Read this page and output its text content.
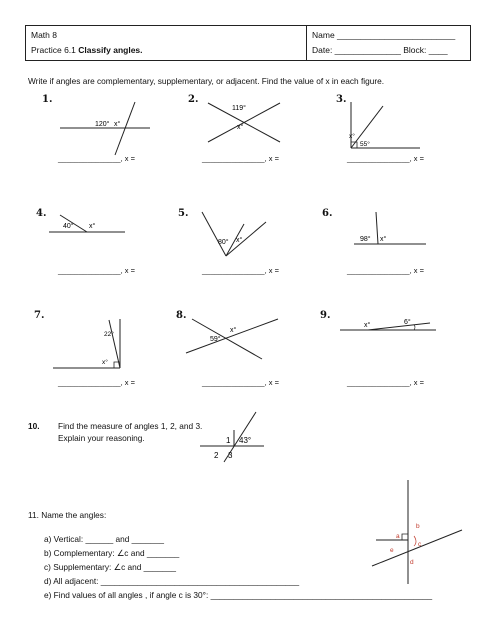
Math 8
Practice 6.1 Classify angles.
Name _________________________
Date: ______________ Block: ____
Write if angles are complementary, supplementary, or adjacent. Find the value of x in each figure.
1.	2.	3.
4.	5.	6.
7.	8.	9.
120° x°
119°
x°
x°
55°
40° x°
80° x°	98° x°
22°
x°
x°
59°
x°	6°
_______________, x =	_______________, x =	_______________, x =
_______________, x =	_______________, x =	_______________, x =
_______________, x =	_______________, x =	_______________, x =
10. Find the measure of angles 1, 2, and 3.
Explain your reasoning.	1 43°
2 3
11. Name the angles:
a) Vertical: ______ and _______
b) Complementary: ∠c and _______
c) Supplementary: ∠c and _______
d) All adjacent: ___________________________________________
e) Find values of all angles , if angle c is 30°: ________________________________________________
a
b
c
e
d
